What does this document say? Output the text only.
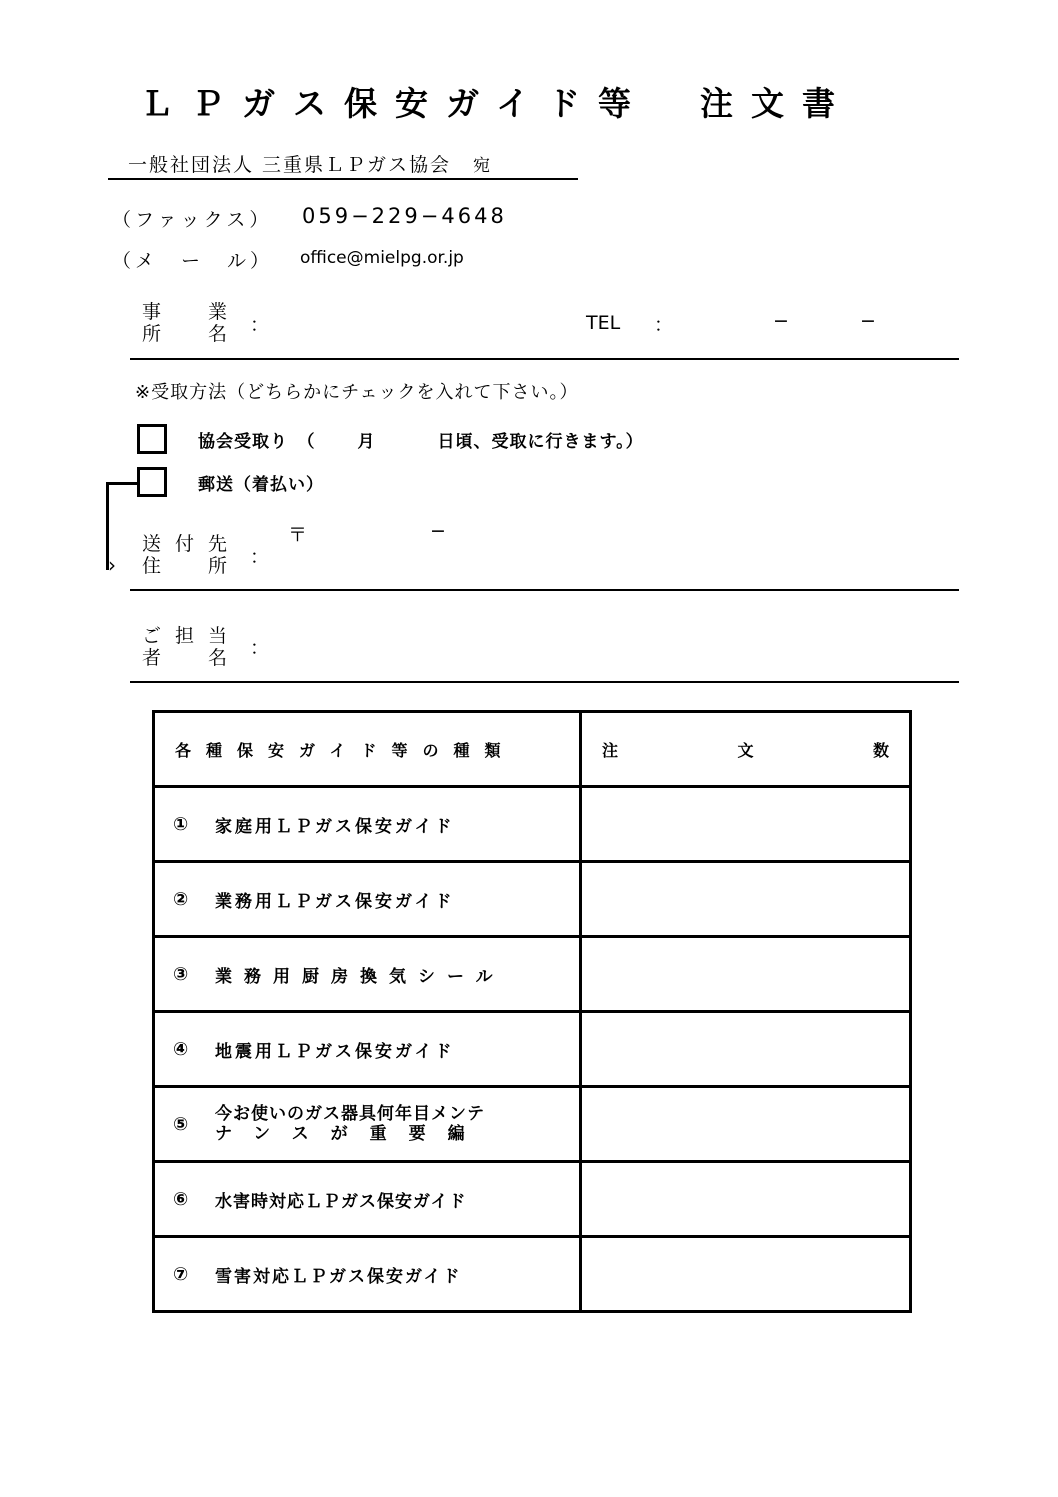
ＬＰガス保安ガイド等　注文書
一般社団法人 三重県ＬＰガス協会 宛
（ファックス） 059−229−4648
（メ　ー　ル） office@mielpg.or.jp
事 業
所 名	：	TEL ：	−	−
※受取方法（どちらかにチェックを入れて下さい。）
協会受取り　（ 月	日頃、受取に行きます。）
郵送（着払い）
›
送 付 先
住 所	：
〒	−
ご 担 当
者 名	：
各種保安ガイド等の種類	注 文 数

① 家庭用ＬＰガス保安ガイド	

② 業務用ＬＰガス保安ガイド	

③ 業務用厨房換気シール	

④ 地震用ＬＰガス保安ガイド	

⑤ 今お使いのガス器具何年目メンテ
ナンスが重要編	

⑥ 水害時対応ＬＰガス保安ガイド	

⑦ 雪害対応ＬＰガス保安ガイド	
